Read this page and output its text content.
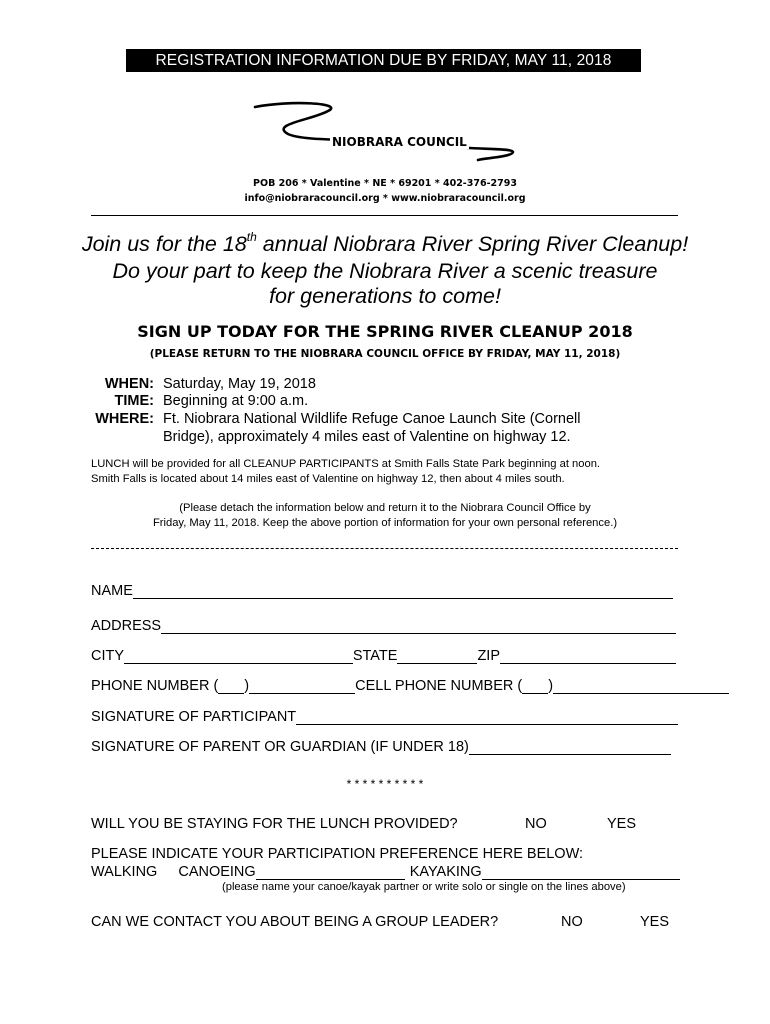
REGISTRATION INFORMATION DUE BY FRIDAY, MAY 11, 2018
NIOBRARA COUNCIL
POB 206 * Valentine * NE * 69201 * 402-376-2793
info@niobraracouncil.org * www.niobraracouncil.org
Join us for the 18th annual Niobrara River Spring River Cleanup!
Do your part to keep the Niobrara River a scenic treasure
for generations to come!
SIGN UP TODAY FOR THE SPRING RIVER CLEANUP 2018
(PLEASE RETURN TO THE NIOBRARA COUNCIL OFFICE BY FRIDAY, MAY 11, 2018)
WHEN: Saturday, May 19, 2018
TIME: Beginning at 9:00 a.m.
WHERE: Ft. Niobrara National Wildlife Refuge Canoe Launch Site (Cornell
Bridge), approximately 4 miles east of Valentine on highway 12.
LUNCH will be provided for all CLEANUP PARTICIPANTS at Smith Falls State Park beginning at noon.
Smith Falls is located about 14 miles east of Valentine on highway 12, then about 4 miles south.
(Please detach the information below and return it to the Niobrara Council Office by
Friday, May 11, 2018. Keep the above portion of information for your own personal reference.)
NAME
ADDRESS
CITY	STATE	ZIP
PHONE NUMBER ( )	CELL PHONE NUMBER ( )
SIGNATURE OF PARTICIPANT
SIGNATURE OF PARENT OR GUARDIAN (IF UNDER 18)
* * * * * * * * * *
WILL YOU BE STAYING FOR THE LUNCH PROVIDED?	NO	YES
PLEASE INDICATE YOUR PARTICIPATION PREFERENCE HERE BELOW:
WALKING CANOEING	KAYAKING
(please name your canoe/kayak partner or write solo or single on the lines above)
CAN WE CONTACT YOU ABOUT BEING A GROUP LEADER?	NO	YES
